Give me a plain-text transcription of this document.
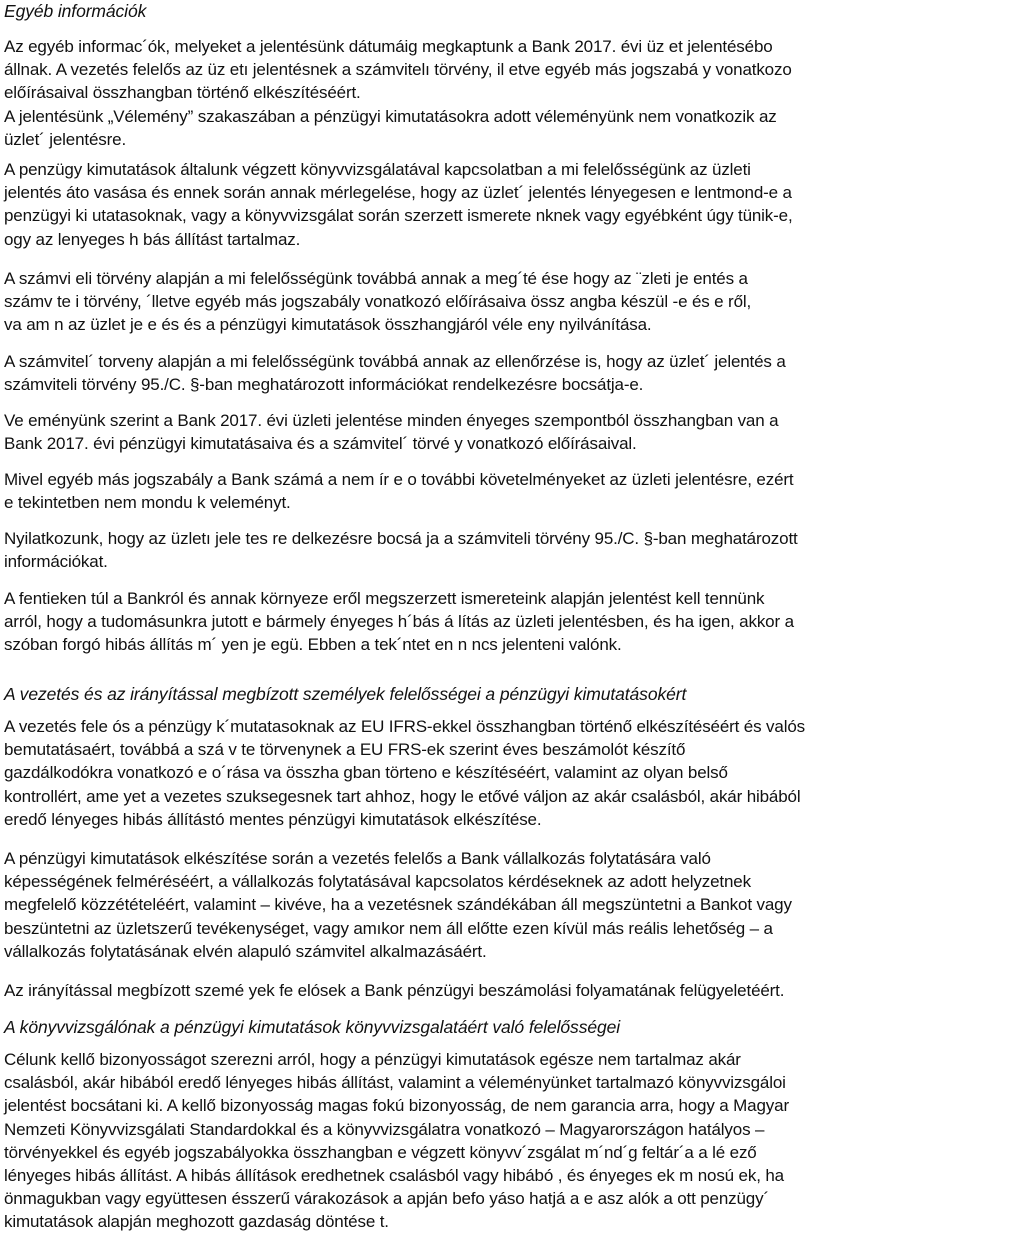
Egyéb információk
Az egyéb informac´ók, melyeket a jelentésünk dátumáig megkaptunk a Bank 2017. évi üz et jelentésébo
állnak. A vezetés felelős az üz etı jelentésnek a számvitelı törvény, il etve egyéb más jogszabá y vonatkozo
előírásaival összhangban történő elkészítéséért.
A jelentésünk „Vélemény” szakaszában a pénzügyi kimutatásokra adott véleményünk nem vonatkozik az
üzlet´ jelentésre.
A penzügy kimutatások általunk végzett könyvvizsgálatával kapcsolatban a mi felelősségünk az üzleti
jelentés áto vasása és ennek során annak mérlegelése, hogy az üzlet´ jelentés lényegesen e lentmond-e a
penzügyi ki utatasoknak, vagy a könyvvizsgálat során szerzett ismerete nknek vagy egyébként úgy tünik-e,
ogy az lenyeges h bás állítást tartalmaz.
A számvi eli törvény alapján a mi felelősségünk továbbá annak a meg´té ése hogy az ¨zleti je entés a
számv te i törvény, ´lletve egyéb más jogszabály vonatkozó előírásaiva össz angba készül -e és e ről,
va am n az üzlet je e és és a pénzügyi kimutatások összhangjáról véle eny nyilvánítása.
A számvitel´ torveny alapján a mi felelősségünk továbbá annak az ellenőrzése is, hogy az üzlet´ jelentés a
számviteli törvény 95./C. §-ban meghatározott információkat rendelkezésre bocsátja-e.
Ve eményünk szerint a Bank 2017. évi üzleti jelentése minden ényeges szempontból összhangban van a
Bank 2017. évi pénzügyi kimutatásaiva és a számvitel´ törvé y vonatkozó előírásaival.
Mivel egyéb más jogszabály a Bank számá a nem ír e o további követelményeket az üzleti jelentésre, ezért
e tekintetben nem mondu k veleményt.
Nyilatkozunk, hogy az üzletı jele tes re delkezésre bocsá ja a számviteli törvény 95./C. §-ban meghatározott
információkat.
A fentieken túl a Bankról és annak környeze eről megszerzett ismereteink alapján jelentést kell tennünk
arról, hogy a tudomásunkra jutott e bármely ényeges h´bás á lítás az üzleti jelentésben, és ha igen, akkor a
szóban forgó hibás állítás m´ yen je egü. Ebben a tek´ntet en n ncs jelenteni valónk.
A vezetés és az irányítással megbízott személyek felelősségei a pénzügyi kimutatásokért
A vezetés fele ós a pénzügy k´mutatasoknak az EU IFRS-ekkel összhangban történő elkészítéséért és valós
bemutatásaért, továbbá a szá v te törvenynek a EU FRS-ek szerint éves beszámolót készítő
gazdálkodókra vonatkozó e o´rása va összha gban törteno e készítéséért, valamint az olyan belső
kontrollért, ame yet a vezetes szuksegesnek tart ahhoz, hogy le etővé váljon az akár csalásból, akár hibából
eredő lényeges hibás állítástó mentes pénzügyi kimutatások elkészítése.
A pénzügyi kimutatások elkészítése során a vezetés felelős a Bank vállalkozás folytatására való
képességének felméréséért, a vállalkozás folytatásával kapcsolatos kérdéseknek az adott helyzetnek
megfelelő közzétételéért, valamint – kivéve, ha a vezetésnek szándékában áll megszüntetni a Bankot vagy
beszüntetni az üzletszerű tevékenységet, vagy amıkor nem áll előtte ezen kívül más reális lehetőség – a
vállalkozás folytatásának elvén alapuló számvitel alkalmazásáért.
Az irányítással megbízott szemé yek fe elósek a Bank pénzügyi beszámolási folyamatának felügyeletéért.
A könyvvizsgálónak a pénzügyi kimutatások könyvvizsgalatáért való felelősségei
Célunk kellő bizonyosságot szerezni arról, hogy a pénzügyi kimutatások egésze nem tartalmaz akár
csalásból, akár hibából eredő lényeges hibás állítást, valamint a véleményünket tartalmazó könyvvizsgáloi
jelentést bocsátani ki. A kellő bizonyosság magas fokú bizonyosság, de nem garancia arra, hogy a Magyar
Nemzeti Könyvvizsgálati Standardokkal és a könyvvizsgálatra vonatkozó – Magyarországon hatályos –
törvényekkel és egyéb jogszabályokka összhangban e végzett könyvv´zsgálat m´nd´g feltár´a a lé ező
lényeges hibás állítást. A hibás állítások eredhetnek csalásból vagy hibábó , és ényeges ek m nosú ek, ha
önmagukban vagy együttesen ésszerű várakozások a apján befo yáso hatjá a e asz alók a ott penzügy´
kimutatások alapján meghozott gazdaság döntése t.
